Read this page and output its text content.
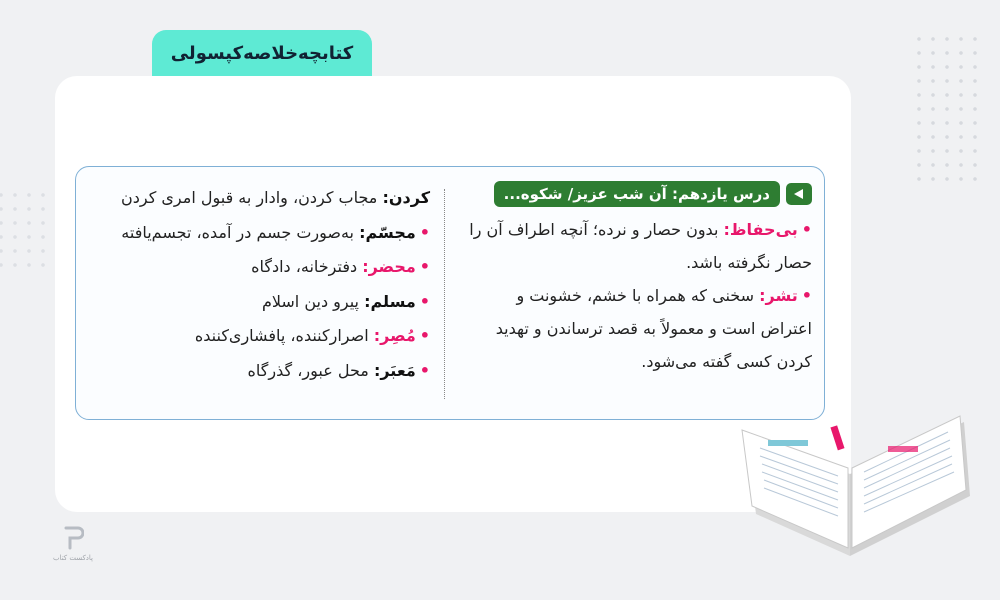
کتابچه‌خلاصه‌کپسولی
درس یازدهم: آن شب عزیز/ شکوه...

•بی‌حفاظ: بدون حصار و نرده؛ آنچه اطراف آن را حصار نگرفته باشد.

•تشر: سخنی که همراه با خشم، خشونت و اعتراض است و معمولاً به قصد ترساندن و تهدید کردن کسی گفته می‌شود.

کردن: مجاب کردن، وادار به قبول امری کردن
•مجسّم: به‌صورت جسم در آمده، تجسم‌یافته
•محضر: دفترخانه، دادگاه
•مسلم: پیرو دین اسلام
•مُصِر: اصرارکننده، پافشاری‌کننده
•مَعبَر: محل عبور، گذرگاه
پادکست کتاب
